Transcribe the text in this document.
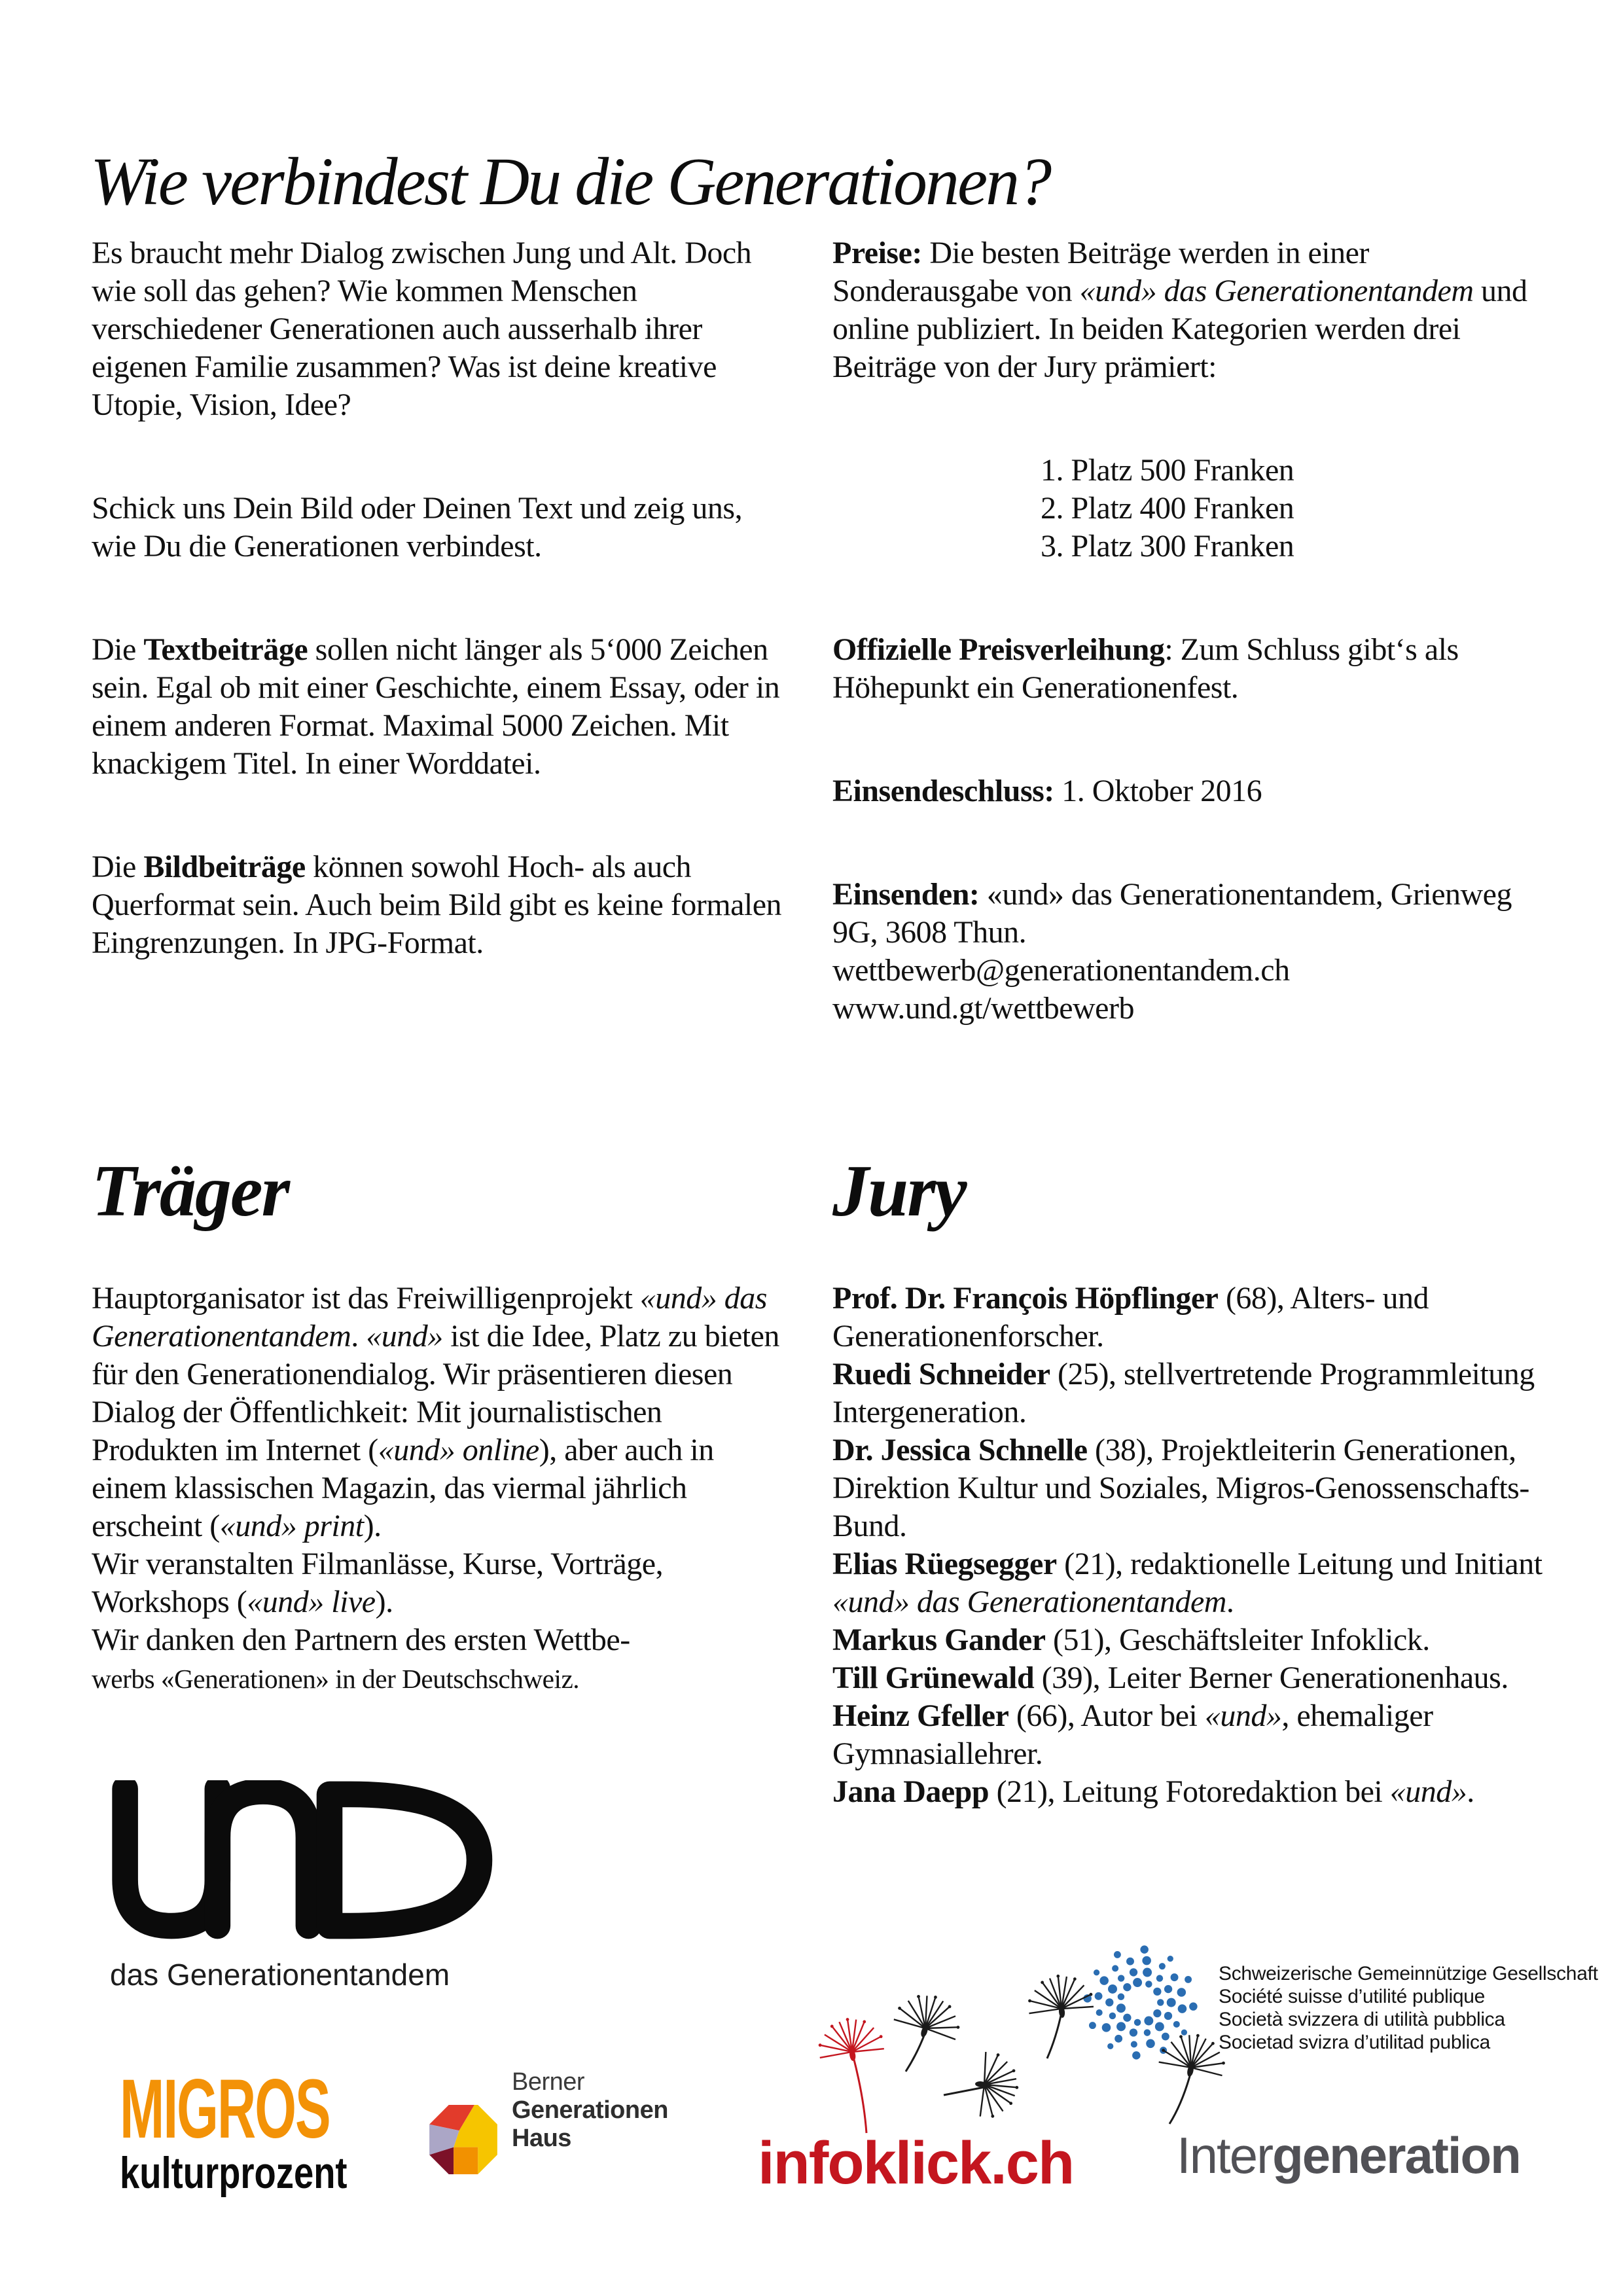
Wie verbindest Du die Generationen?

Es braucht mehr Dialog zwischen Jung und Alt. Doch wie soll das gehen? Wie kommen Menschen verschiedener Generationen auch ausserhalb ihrer eigenen Familie zusammen? Was ist deine kreative Utopie, Vision, Idee?

Schick uns Dein Bild oder Deinen Text und zeig uns, wie Du die Generationen verbindest.

Die Textbeiträge sollen nicht länger als 5‘000 Zeichen sein. Egal ob mit einer Geschichte, einem Essay, oder in einem anderen Format. Maximal 5000 Zeichen. Mit knackigem Titel. In einer Worddatei.

Die Bildbeiträge können sowohl Hoch- als auch Querformat sein. Auch beim Bild gibt es keine formalen Eingrenzungen. In JPG-Format.

Preise: Die besten Beiträge werden in einer Sonderausgabe von «und» das Generationentandem und online publiziert. In beiden Kategorien werden drei Beiträge von der Jury prämiert:

1. Platz 500 Franken
2. Platz 400 Franken
3. Platz 300 Franken

Offizielle Preisverleihung: Zum Schluss gibt‘s als Höhepunkt ein Generationenfest.

Einsendeschluss: 1. Oktober 2016

Einsenden: «und» das Generationentandem, Grienweg 9G, 3608 Thun.
wettbewerb@generationentandem.ch
www.und.gt/wettbewerb

Träger

Hauptorganisator ist das Freiwilligenprojekt «und» das Generationentandem. «und» ist die Idee, Platz zu bieten für den Generationendialog. Wir präsentieren diesen Dialog der Öffentlichkeit: Mit journalistischen Produkten im Internet («und» online), aber auch in einem klassischen Magazin, das viermal jährlich erscheint («und» print).
Wir veranstalten Filmanlässe, Kurse, Vorträge, Workshops («und» live).
Wir danken den Partnern des ersten Wettbe-
werbs «Generationen» in der Deutschschweiz.

Jury

Prof. Dr. François Höpflinger (68), Alters- und Generationenforscher.

Ruedi Schneider (25), stellvertretende Programmleitung Intergeneration.

Dr. Jessica Schnelle (38), Projektleiterin Generationen, Direktion Kultur und Soziales, Migros-Genossenschafts-Bund.

Elias Rüegsegger (21), redaktionelle Leitung und Initiant «und» das Generationentandem.

Markus Gander (51), Geschäftsleiter Infoklick.

Till Grünewald (39), Leiter Berner Generationenhaus.

Heinz Gfeller (66), Autor bei «und», ehemaliger Gymnasiallehrer.

Jana Daepp (21), Leitung Fotoredaktion bei «und».

das Generationentandem	Schweizerische Gemeinnützige Gesellschaft
Société suisse d’utilité publique
Società svizzera di utilità pubblica
Societad svizra d’utilitad publica
MIGROS
kulturprozent
Berner
Generationen
Haus	infoklick.ch Intergeneration
